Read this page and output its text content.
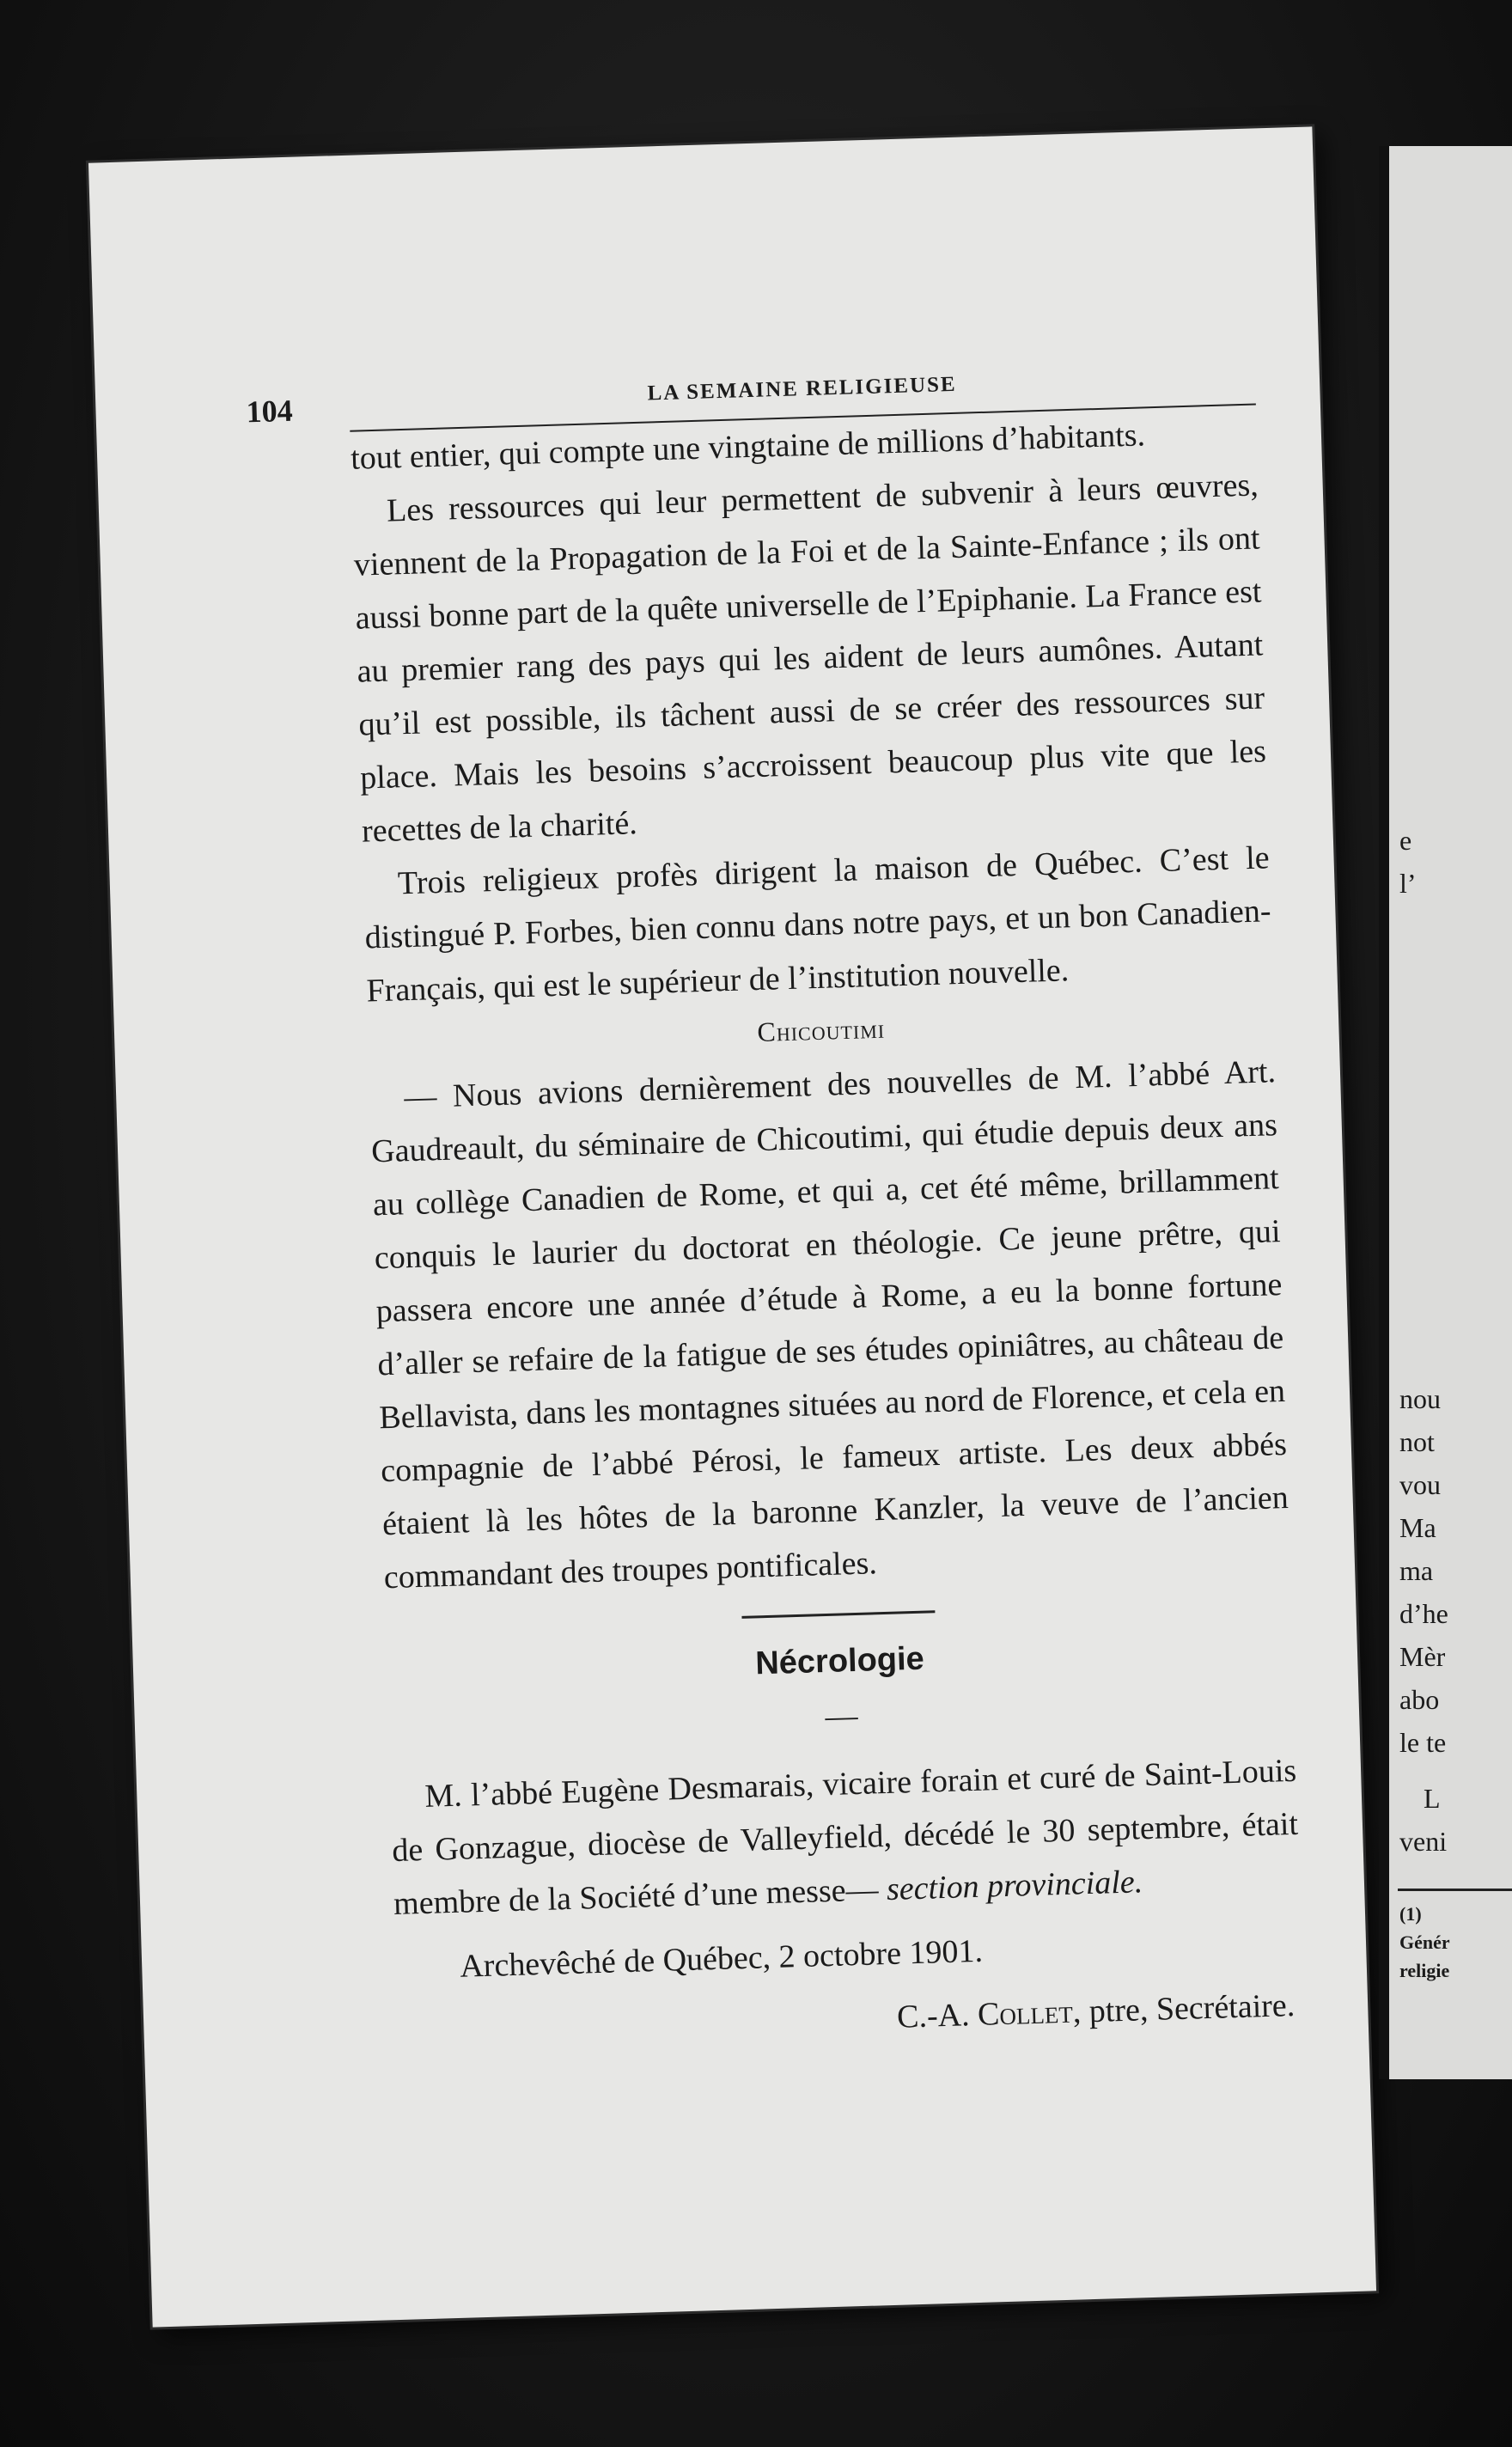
104
LA SEMAINE RELIGIEUSE

tout entier, qui compte une vingtaine de millions d’habitants.

Les ressources qui leur permettent de subvenir à leurs œuvres, viennent de la Propagation de la Foi et de la Sainte-Enfance ; ils ont aussi bonne part de la quête universelle de l’Epiphanie. La France est au premier rang des pays qui les aident de leurs aumônes. Autant qu’il est possible, ils tâchent aussi de se créer des ressources sur place. Mais les besoins s’accroissent beaucoup plus vite que les recettes de la charité.

Trois religieux profès dirigent la maison de Québec. C’est le distingué P. Forbes, bien connu dans notre pays, et un bon Canadien-Français, qui est le supérieur de l’institution nouvelle.

Chicoutimi

— Nous avions dernièrement des nouvelles de M. l’abbé Art. Gaudreault, du séminaire de Chicoutimi, qui étudie depuis deux ans au collège Canadien de Rome, et qui a, cet été même, brillamment conquis le laurier du doctorat en théologie. Ce jeune prêtre, qui passera encore une année d’étude à Rome, a eu la bonne fortune d’aller se refaire de la fatigue de ses études opiniâtres, au château de Bellavista, dans les montagnes situées au nord de Florence, et cela en compagnie de l’abbé Pérosi, le fameux artiste. Les deux abbés étaient là les hôtes de la baronne Kanzler, la veuve de l’ancien commandant des troupes pontificales.

Nécrologie
—

M. l’abbé Eugène Desmarais, vicaire forain et curé de Saint-Louis de Gonzague, diocèse de Valleyfield, décédé le 30 septembre, était membre de la Société d’une messe— section provinciale.

Archevêché de Québec, 2 octobre 1901.
C.-A. Collet, ptre, Secrétaire.
e
l’
nou
not
vou
Ma
ma
d’he
Mèr
abo
le te
L
veni
(1)
Génér
religie
